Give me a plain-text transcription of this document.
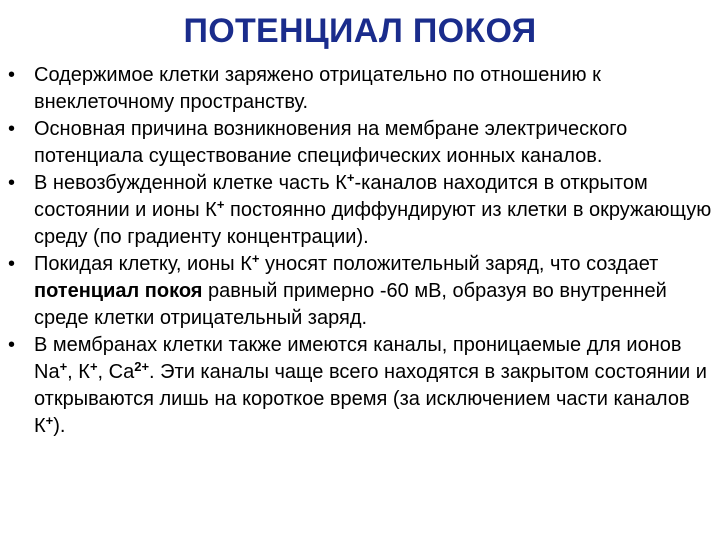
ПОТЕНЦИАЛ ПОКОЯ
• Содержимое клетки заряжено отрицательно по отношению к внеклеточному пространству.
• Основная причина возникновения на мембране электрического потенциала существование специфических ионных каналов.
• В невозбужденной клетке часть К+-каналов находится в открытом состоянии и ионы К+ постоянно диффундируют из клетки в окружающую среду (по градиенту концентрации).
• Покидая клетку, ионы К+ уносят положительный заряд, что создает потенциал покоя равный примерно -60 мВ, образуя во внутренней среде клетки отрицательный заряд.
• В мембранах клетки также имеются каналы, проницаемые для ионов Na+, К+, $Ca^{2+}$. Эти каналы чаще всего находятся в закрытом состоянии и открываются лишь на короткое время (за исключением части каналов К+).
